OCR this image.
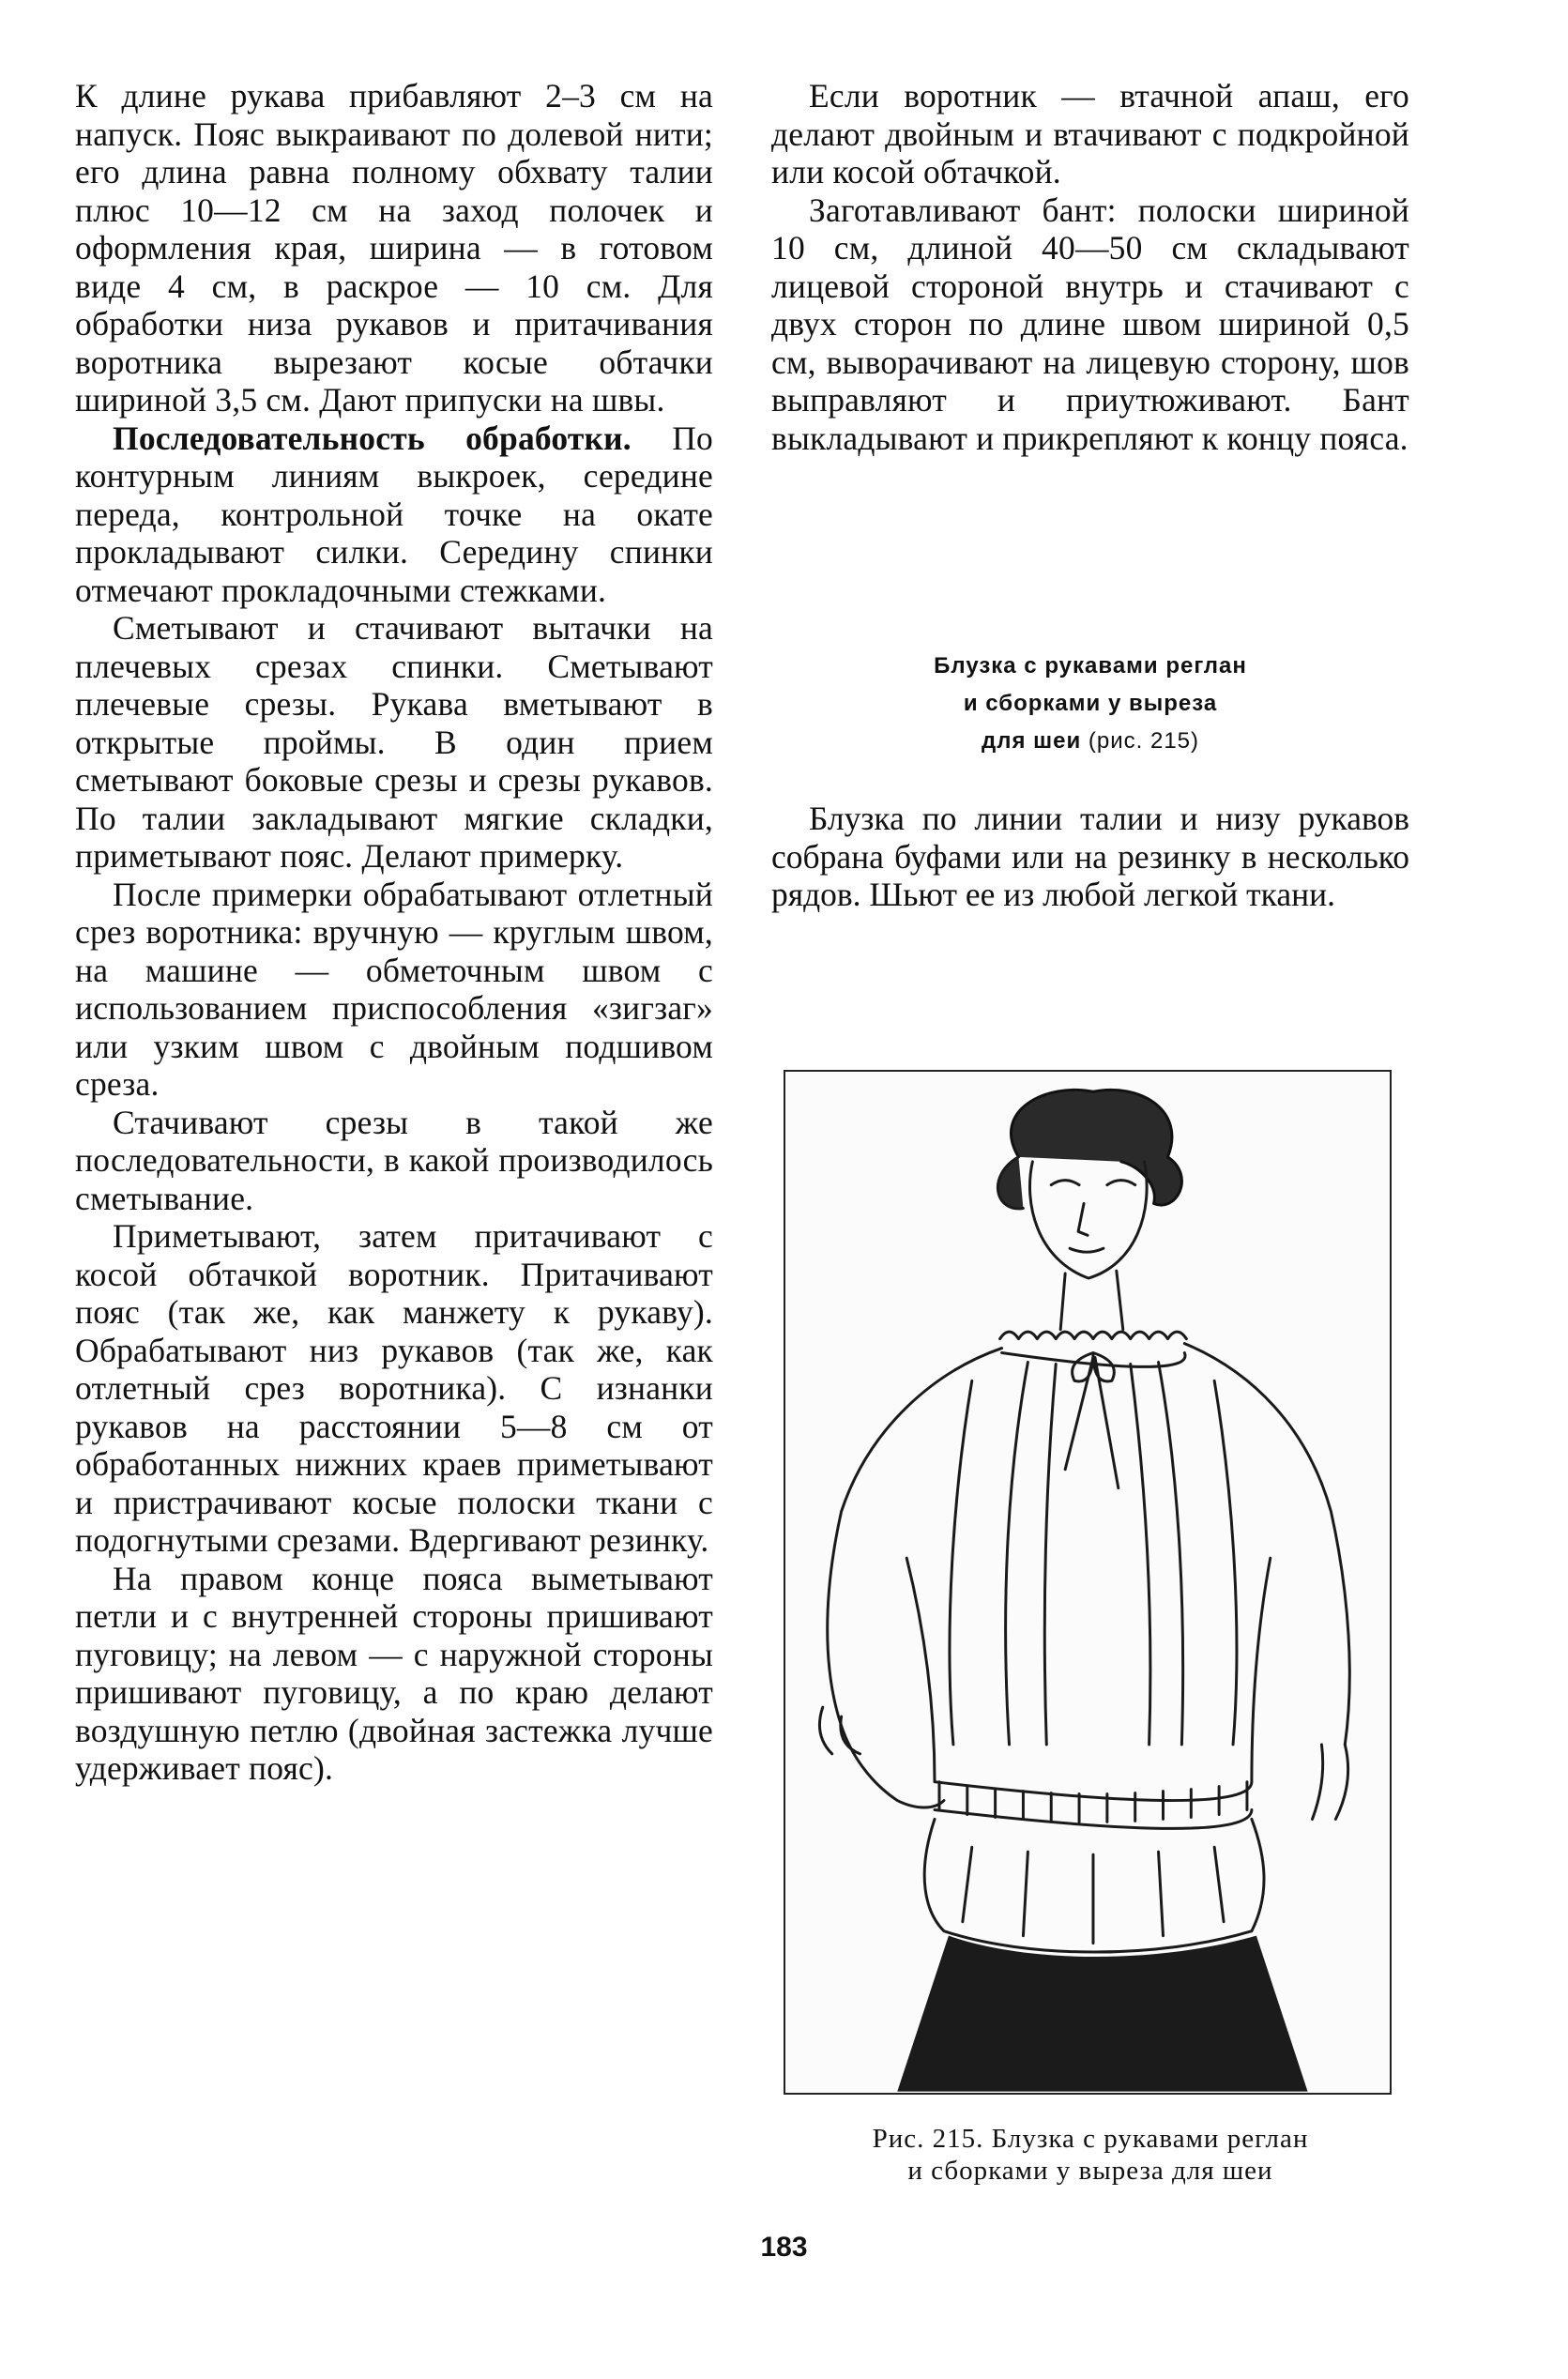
К длине рукава прибавляют 2–3 см на напуск. Пояс выкраивают по долевой нити; его длина равна полному обхвату талии плюс 10—12 см на заход полочек и оформления края, ширина — в готовом виде 4 см, в раскрое — 10 см. Для обработки низа рукавов и притачивания воротника вырезают косые обтачки шириной 3,5 см. Дают припуски на швы.

Последовательность обработки. По контурным линиям выкроек, середине переда, контрольной точке на окате прокладывают силки. Середину спинки отмечают прокладочными стежками.

Сметывают и стачивают вытачки на плечевых срезах спинки. Сметывают плечевые срезы. Рукава вметывают в открытые проймы. В один прием сметывают боковые срезы и срезы рукавов. По талии закладывают мягкие складки, приметывают пояс. Делают примерку.

После примерки обрабатывают отлетный срез воротника: вручную — круглым швом, на машине — обметочным швом с использованием приспособления «зигзаг» или узким швом с двойным подшивом среза.

Стачивают срезы в такой же последовательности, в какой производилось сметывание.

Приметывают, затем притачивают с косой обтачкой воротник. Притачивают пояс (так же, как манжету к рукаву). Обрабатывают низ рукавов (так же, как отлетный срез воротника). С изнанки рукавов на расстоянии 5—8 см от обработанных нижних краев приметывают и пристрачивают косые полоски ткани с подогнутыми срезами. Вдергивают резинку.

На правом конце пояса выметывают петли и с внутренней стороны пришивают пуговицу; на левом — с наружной стороны пришивают пуговицу, а по краю делают воздушную петлю (двойная застежка лучше удерживает пояс).

Если воротник — втачной апаш, его делают двойным и втачивают с подкройной или косой обтачкой.

Заготавливают бант: полоски шириной 10 см, длиной 40—50 см складывают лицевой стороной внутрь и стачивают с двух сторон по длине швом шириной 0,5 см, выворачивают на лицевую сторону, шов выправляют и приутюживают. Бант выкладывают и прикрепляют к концу пояса.

Блузка с рукавами реглан
и сборками у выреза
для шеи (рис. 215)

Блузка по линии талии и низу рукавов собрана буфами или на резинку в несколько рядов. Шьют ее из любой легкой ткани.

Рис. 215. Блузка с рукавами реглан
и сборками у выреза для шеи
183
